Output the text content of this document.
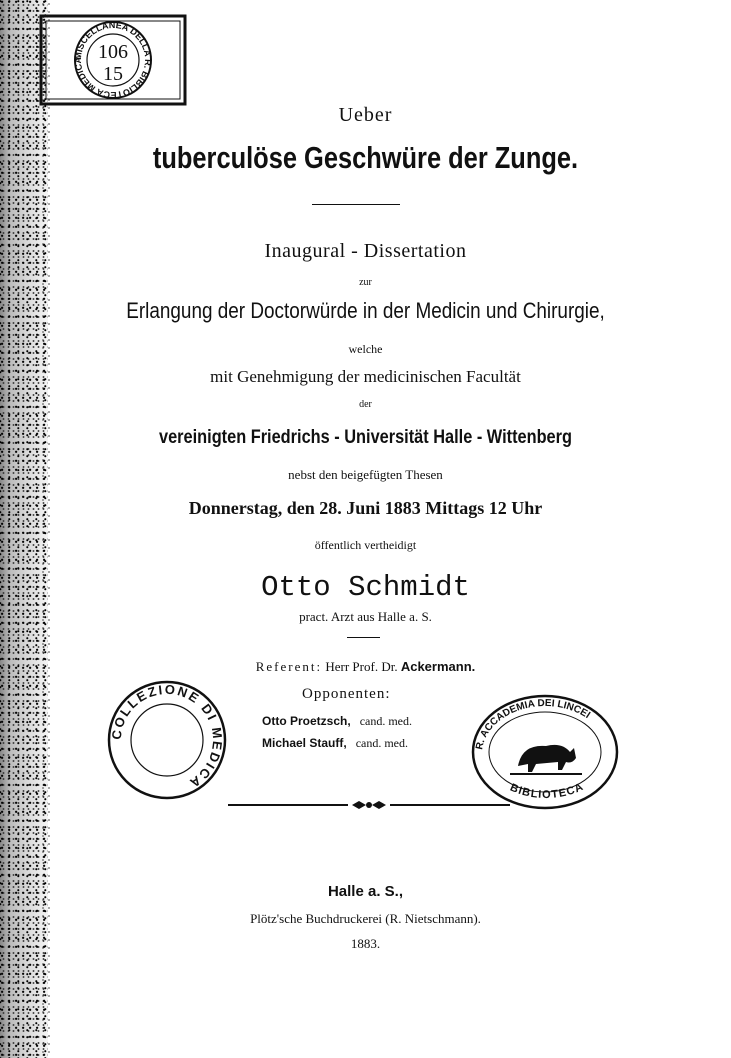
MISCELLANEA DELLA R. BIBLIOTECA MEDICA 106
15
Ueber
tuberculöse Geschwüre der Zunge.
Inaugural - Dissertation
zur
Erlangung der Doctorwürde in der Medicin und Chirurgie,
welche
mit Genehmigung der medicinischen Facultät
der
vereinigten Friedrichs - Universität Halle - Wittenberg
nebst den beigefügten Thesen
Donnerstag, den 28. Juni 1883 Mittags 12 Uhr
öffentlich vertheidigt
Otto Schmidt
pract. Arzt aus Halle a. S.
Referent: Herr Prof. Dr. Ackermann.
Opponenten:
Otto Proetzsch, cand. med.
Michael Stauff, cand. med.
COLLEZIONE DI MEDICA
R. ACCADEMIA DEI LINCEI
BIBLIOTECA
Halle a. S.,
Plötz'sche Buchdruckerei (R. Nietschmann).
1883.
